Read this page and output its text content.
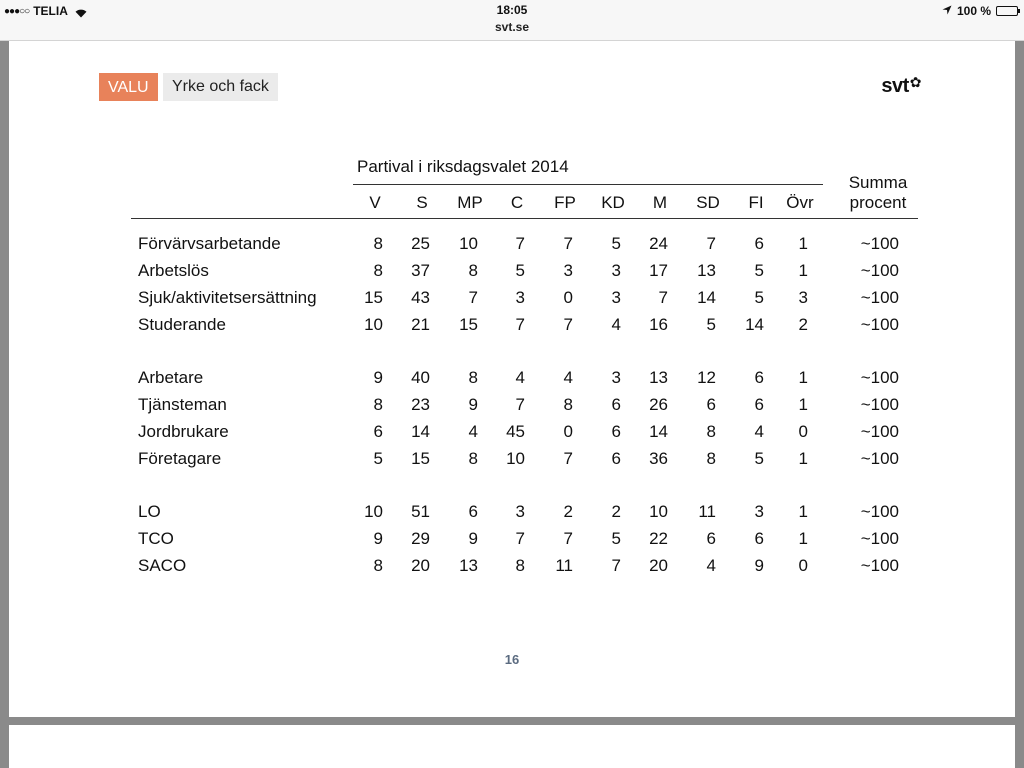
●●●○○ TELIA	18:05
svt.se
100 %
VALU	Yrke och fack	svt ✿
Partival i riksdagsvalet 2014
Summa
procent
V	S	MP	C	FP	KD	M	SD	FI	Övr
Förvärvsarbetande	8	25	10	7	7	5	24	7	6	1	~100
Arbetslös	8	37	8	5	3	3	17	13	5	1	~100
Sjuk/aktivitetsersättning	15	43	7	3	0	3	7	14	5	3	~100
Studerande	10	21	15	7	7	4	16	5	14	2	~100
Arbetare	9	40	8	4	4	3	13	12	6	1	~100
Tjänsteman	8	23	9	7	8	6	26	6	6	1	~100
Jordbrukare	6	14	4	45	0	6	14	8	4	0	~100
Företagare	5	15	8	10	7	6	36	8	5	1	~100
LO	10	51	6	3	2	2	10	11	3	1	~100
TCO	9	29	9	7	7	5	22	6	6	1	~100
SACO	8	20	13	8	11	7	20	4	9	0	~100
16
